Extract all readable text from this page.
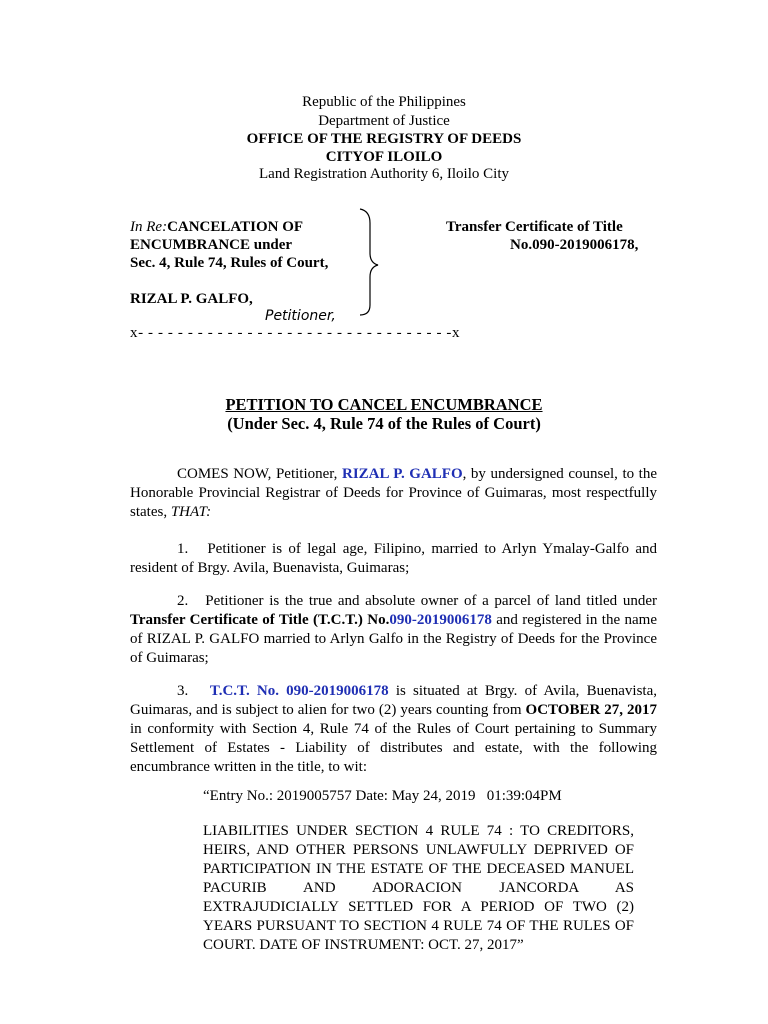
Republic of the Philippines
Department of Justice
OFFICE OF THE REGISTRY OF DEEDS
CITYOF ILOILO
Land Registration Authority 6, Iloilo City
In Re:CANCELATION OF
ENCUMBRANCE under
Sec. 4, Rule 74, Rules of Court,
RIZAL P. GALFO,
Petitioner,
x- - - - - - - - - - - - - - - - - - - - - - - - - - - - - - - -x
Transfer Certificate of Title
No.090-2019006178,
PETITION TO CANCEL ENCUMBRANCE
(Under Sec. 4, Rule 74 of the Rules of Court)
COMES NOW, Petitioner, RIZAL P. GALFO, by undersigned counsel, to the Honorable Provincial Registrar of Deeds for Province of Guimaras, most respectfully states, THAT:
1. Petitioner is of legal age, Filipino, married to Arlyn Ymalay-Galfo and resident of Brgy. Avila, Buenavista, Guimaras;
2. Petitioner is the true and absolute owner of a parcel of land titled under Transfer Certificate of Title (T.C.T.) No.090-2019006178 and registered in the name of RIZAL P. GALFO married to Arlyn Galfo in the Registry of Deeds for the Province of Guimaras;
3. T.C.T. No. 090-2019006178 is situated at Brgy. of Avila, Buenavista, Guimaras, and is subject to alien for two (2) years counting from OCTOBER 27, 2017 in conformity with Section 4, Rule 74 of the Rules of Court pertaining to Summary Settlement of Estates - Liability of distributes and estate, with the following encumbrance written in the title, to wit:
“Entry No.: 2019005757 Date: May 24, 2019   01:39:04PM
LIABILITIES UNDER SECTION 4 RULE 74 : TO CREDITORS, HEIRS, AND OTHER PERSONS UNLAWFULLY DEPRIVED OF PARTICIPATION IN THE ESTATE OF THE DECEASED MANUEL PACURIB AND ADORACION JANCORDA AS EXTRAJUDICIALLY SETTLED FOR A PERIOD OF TWO (2) YEARS PURSUANT TO SECTION 4 RULE 74 OF THE RULES OF COURT. DATE OF INSTRUMENT: OCT. 27, 2017”
